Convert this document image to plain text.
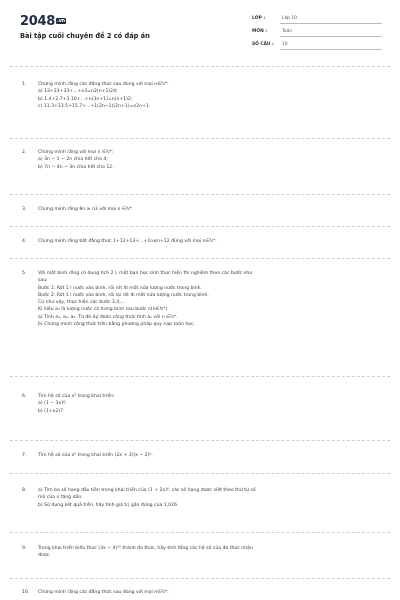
2048 $^{.vn}$
Bài tập cuối chuyên đề 2 có đáp án
LỚP :	Lớp 10
MÔN :	Toán
SỐ CÂU : 10
1.	Chứng minh rằng các đẳng thức sau đúng với mọi n∈ℕ*:
a) 13+23+33+...+n3=n2(n+1)24;
b) 1.4+2.7+3.10+...+n(3n+1)=n(n+1)2;
c) 11.3+13.5+15.7+...+1(2n−1)(2n+1)=n2n+1.
2.	Chứng minh rằng với mọi n ∈ℕ*:
a) 3n − 1 − 2n chia hết cho 4;
b) 7n − 4n − 3n chia hết cho 12.
3.	Chứng minh rằng 8n ≥ n3 với mọi n ∈ℕ*.
4.	Chứng minh rằng bất đẳng thức 1+12+13+...+1n≤n+12 đúng với mọi n∈ℕ*.
5.	Với một bình rỗng có dung tích 2 l, một bạn học sinh thực hiện thí nghiệm theo các bước như
sau:
Bước 1: Rót 1 l nước vào bình, rồi rót đi một nửa lượng nước trong bình.
Bước 2: Rót 1 l nước vào bình, rồi lại rót đi một nửa lượng nước trong bình.
Cứ như vậy, thực hiện các bước 3,4,...
Kí hiệu aₙ là lượng nước có trong bình sau bước n(n∈ℕ*).
a) Tính a₁, a₂, a₃. Từ đó dự đoán công thức tính aₙ với n ∈ℕ*.
b) Chứng minh công thức trên bằng phương pháp quy nạp toán học.
6.	Tìm hệ số của x³ trong khai triển:
a) (1 − 3x)⁸;
b) (1+x2)7.
7.	Tìm hệ số của x⁵ trong khai triển (2x + 3)(x − 2)⁶.
8.	a) Tìm ba số hạng đầu tiên trong khai triển của (1 + 2x)⁶, các số hạng được viết theo thứ tự số
mũ của x tăng dần.
b) Sử dụng kết quả trên, hãy tính giá trị gần đúng của 1,026.
9.	Trong khai triển biểu thức (3x − 4)¹⁵ thành đa thức, hãy tính tổng các hệ số của đa thức nhận
được.
10. Chứng minh rằng các đẳng thức sau đúng với mọi n∈ℕ*:
